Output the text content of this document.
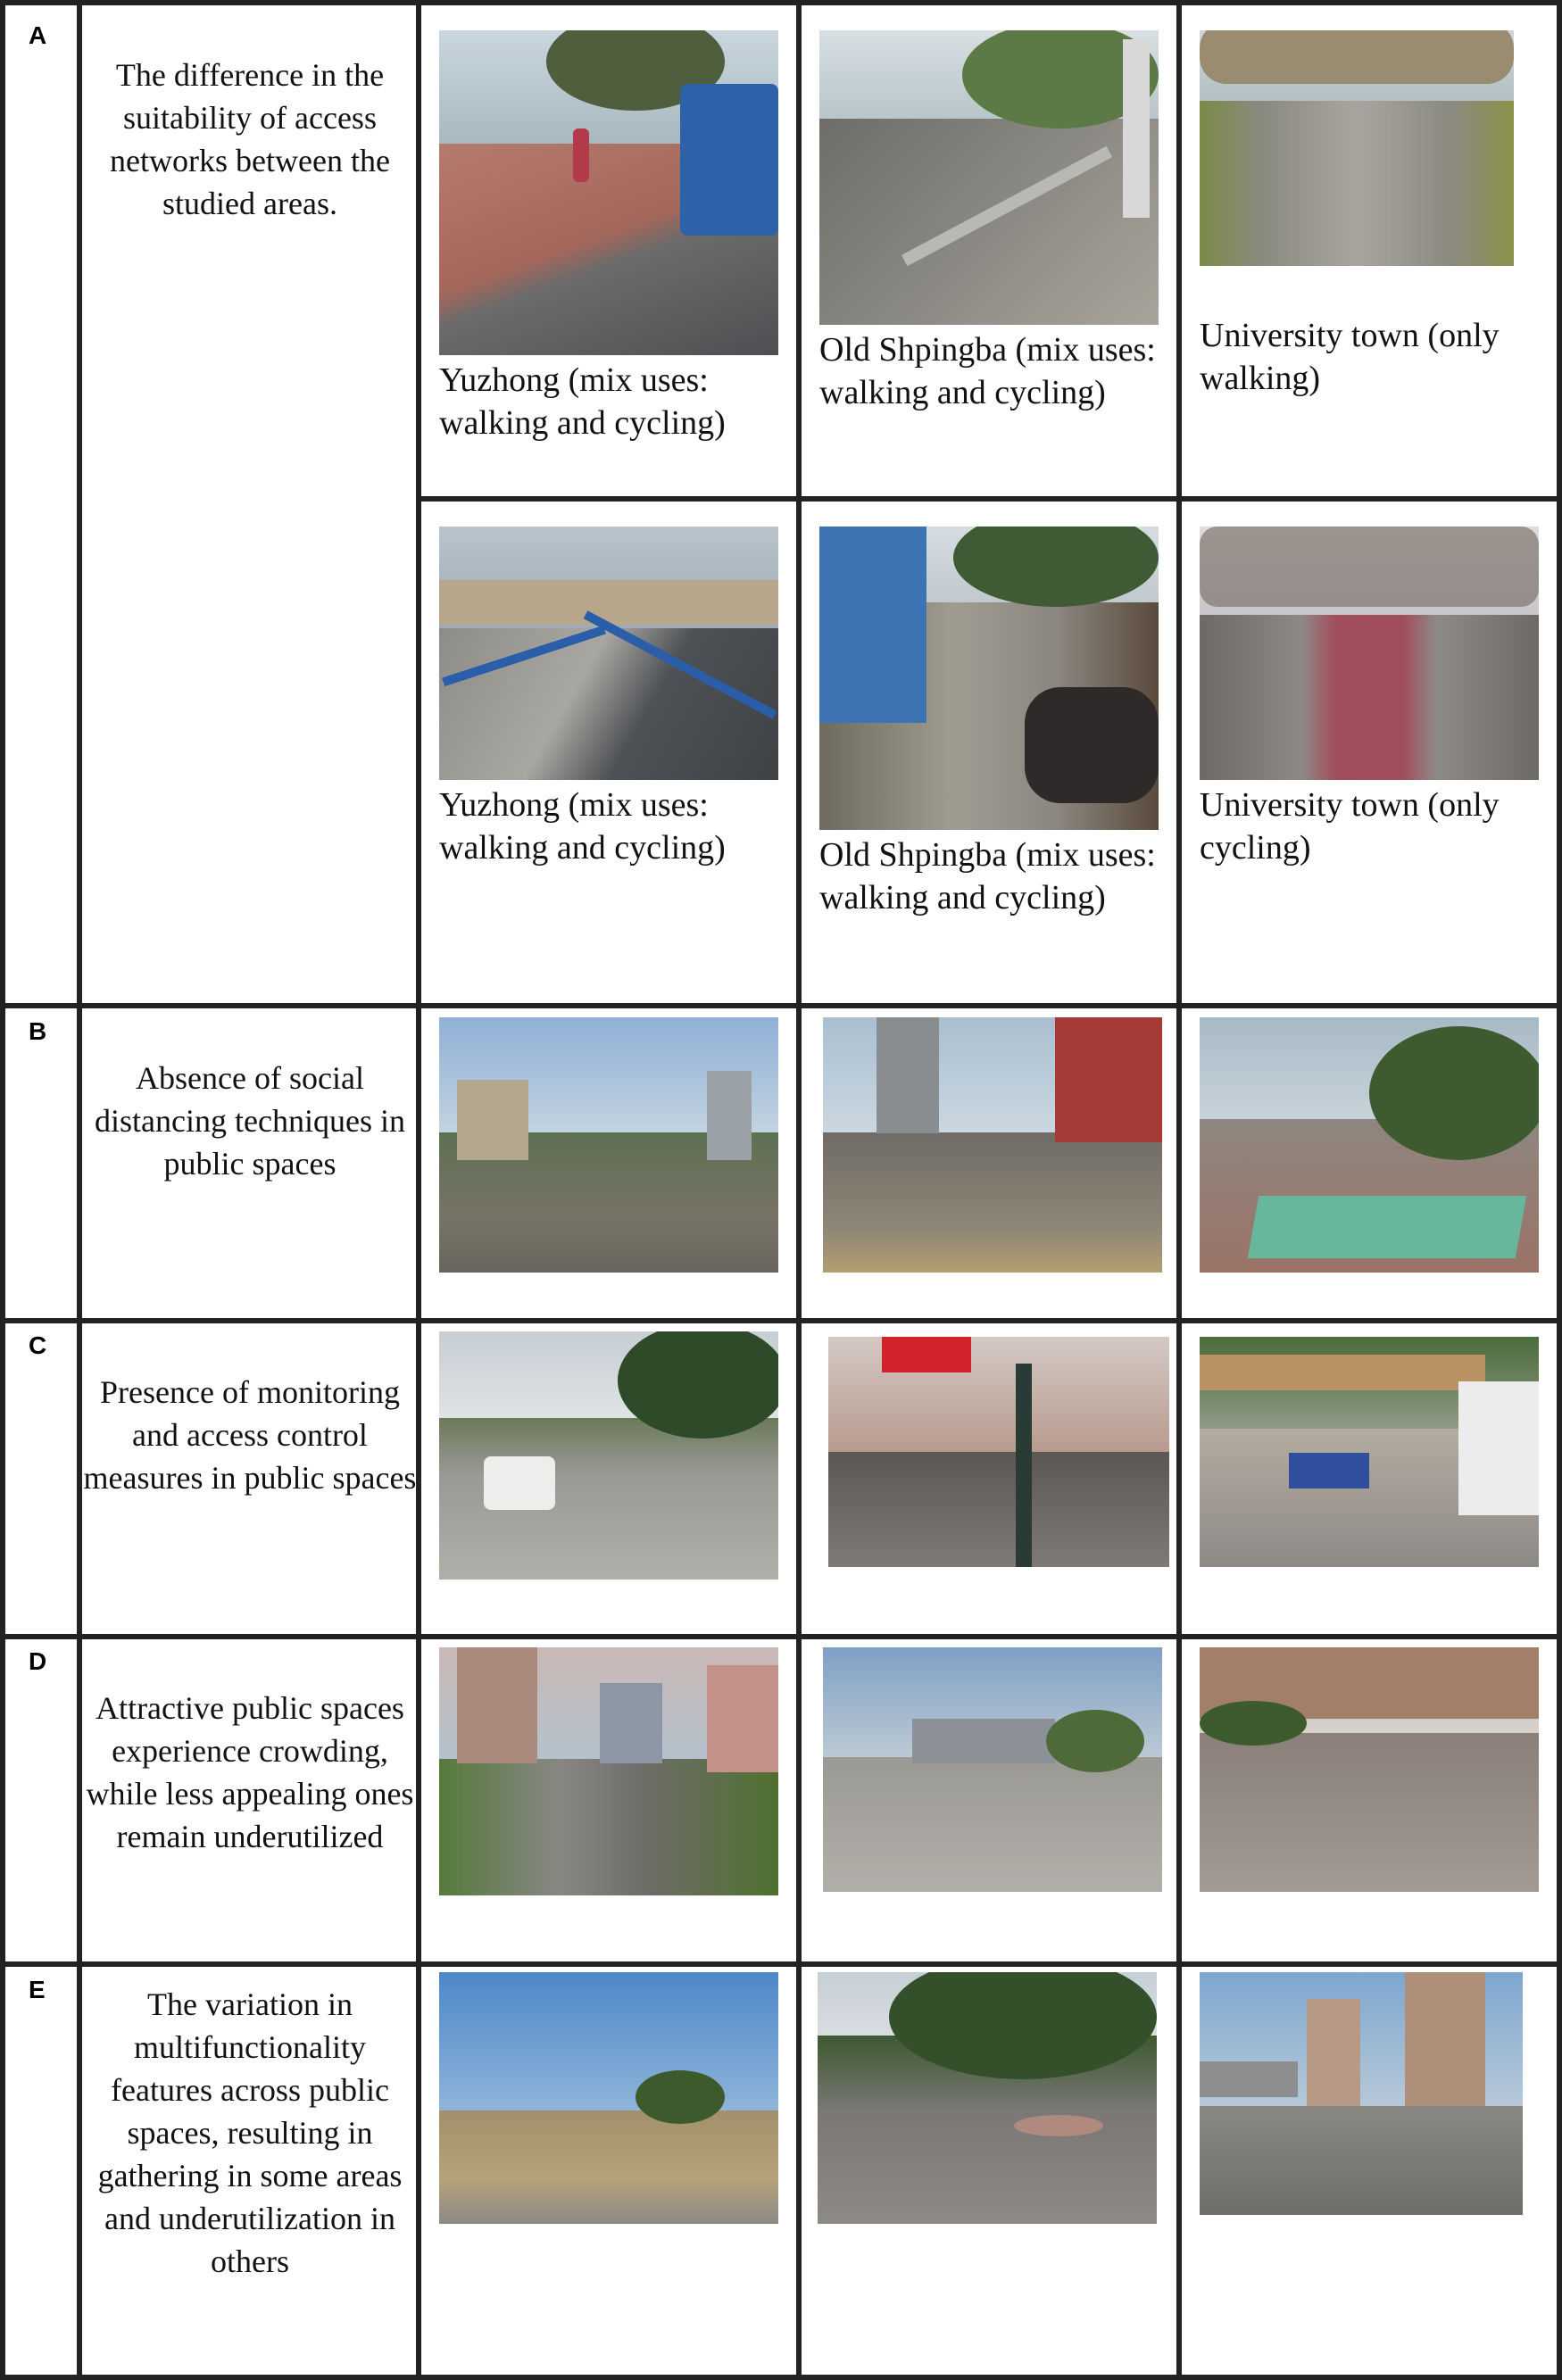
A
B
C
D
E
The difference in the suitability of access networks between the studied areas.
Absence of social distancing techniques in public spaces
Presence of monitoring and access control measures in public spaces
Attractive public spaces experience crowding, while less appealing ones remain underutilized
The variation in multifunctionality features across public spaces, resulting in gathering in some areas and underutilization in others
Yuzhong (mix uses: walking and cycling)
Old Shpingba (mix uses: walking and cycling)
University town (only walking)
Yuzhong (mix uses: walking and cycling)	Old Shpingba (mix uses: walking and cycling)
University town (only cycling)
